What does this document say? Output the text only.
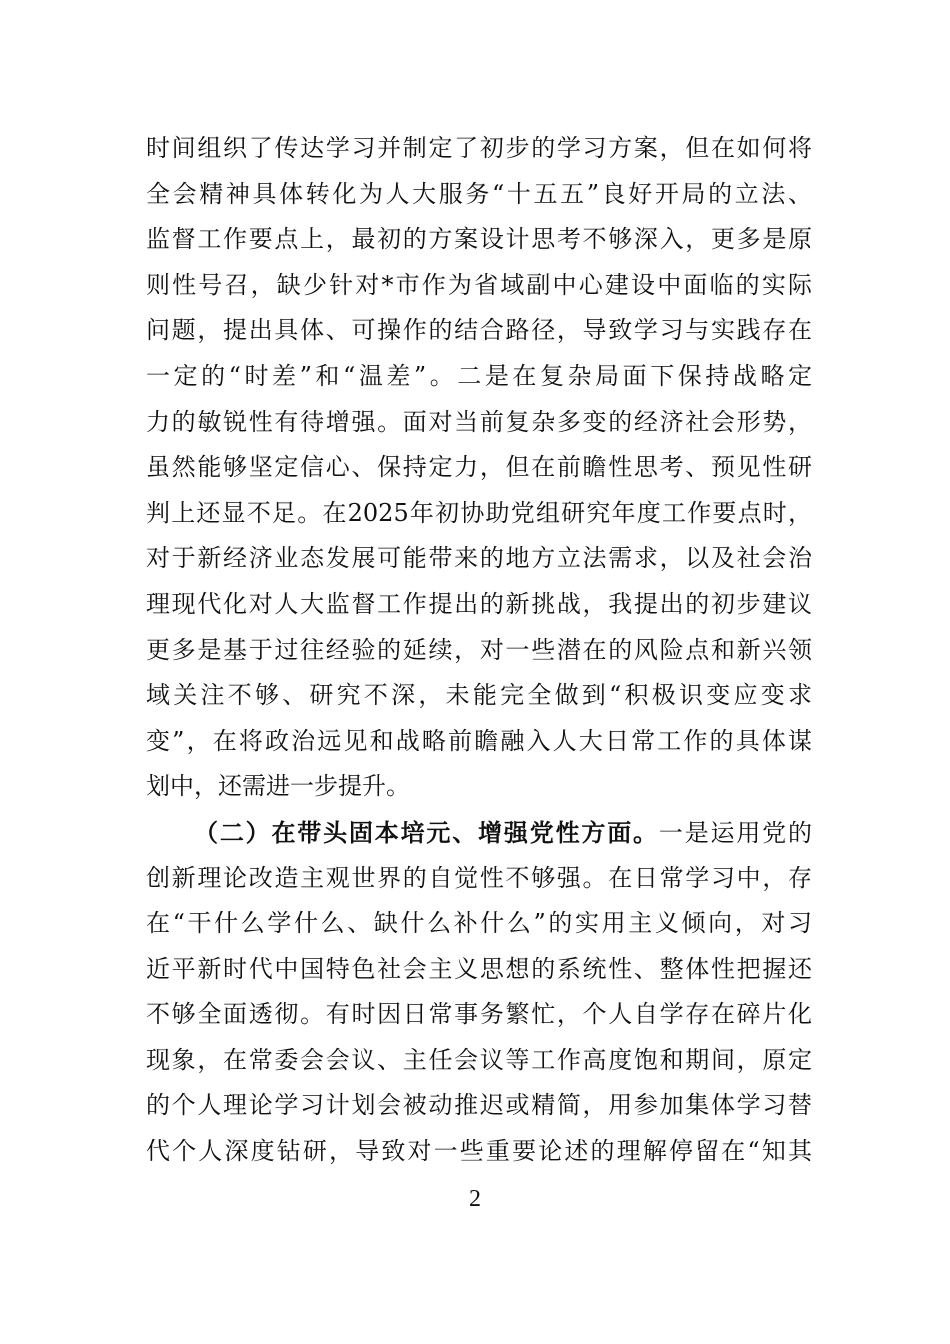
时间组织了传达学习并制定了初步的学习方案，但在如何将
全会精神具体转化为人大服务“十五五”良好开局的立法、
监督工作要点上，最初的方案设计思考不够深入，更多是原
则性号召，缺少针对*市作为省域副中心建设中面临的实际
问题，提出具体、可操作的结合路径，导致学习与实践存在
一定的“时差”和“温差”。二是在复杂局面下保持战略定
力的敏锐性有待增强。面对当前复杂多变的经济社会形势，
虽然能够坚定信心、保持定力，但在前瞻性思考、预见性研
判上还显不足。在2025年初协助党组研究年度工作要点时，
对于新经济业态发展可能带来的地方立法需求，以及社会治
理现代化对人大监督工作提出的新挑战，我提出的初步建议
更多是基于过往经验的延续，对一些潜在的风险点和新兴领
域关注不够、研究不深，未能完全做到“积极识变应变求
变”，在将政治远见和战略前瞻融入人大日常工作的具体谋
划中，还需进一步提升。
（二）在带头固本培元、增强党性方面。一是运用党的
创新理论改造主观世界的自觉性不够强。在日常学习中，存
在“干什么学什么、缺什么补什么”的实用主义倾向，对习
近平新时代中国特色社会主义思想的系统性、整体性把握还
不够全面透彻。有时因日常事务繁忙，个人自学存在碎片化
现象，在常委会会议、主任会议等工作高度饱和期间，原定
的个人理论学习计划会被动推迟或精简，用参加集体学习替
代个人深度钻研，导致对一些重要论述的理解停留在“知其
2
